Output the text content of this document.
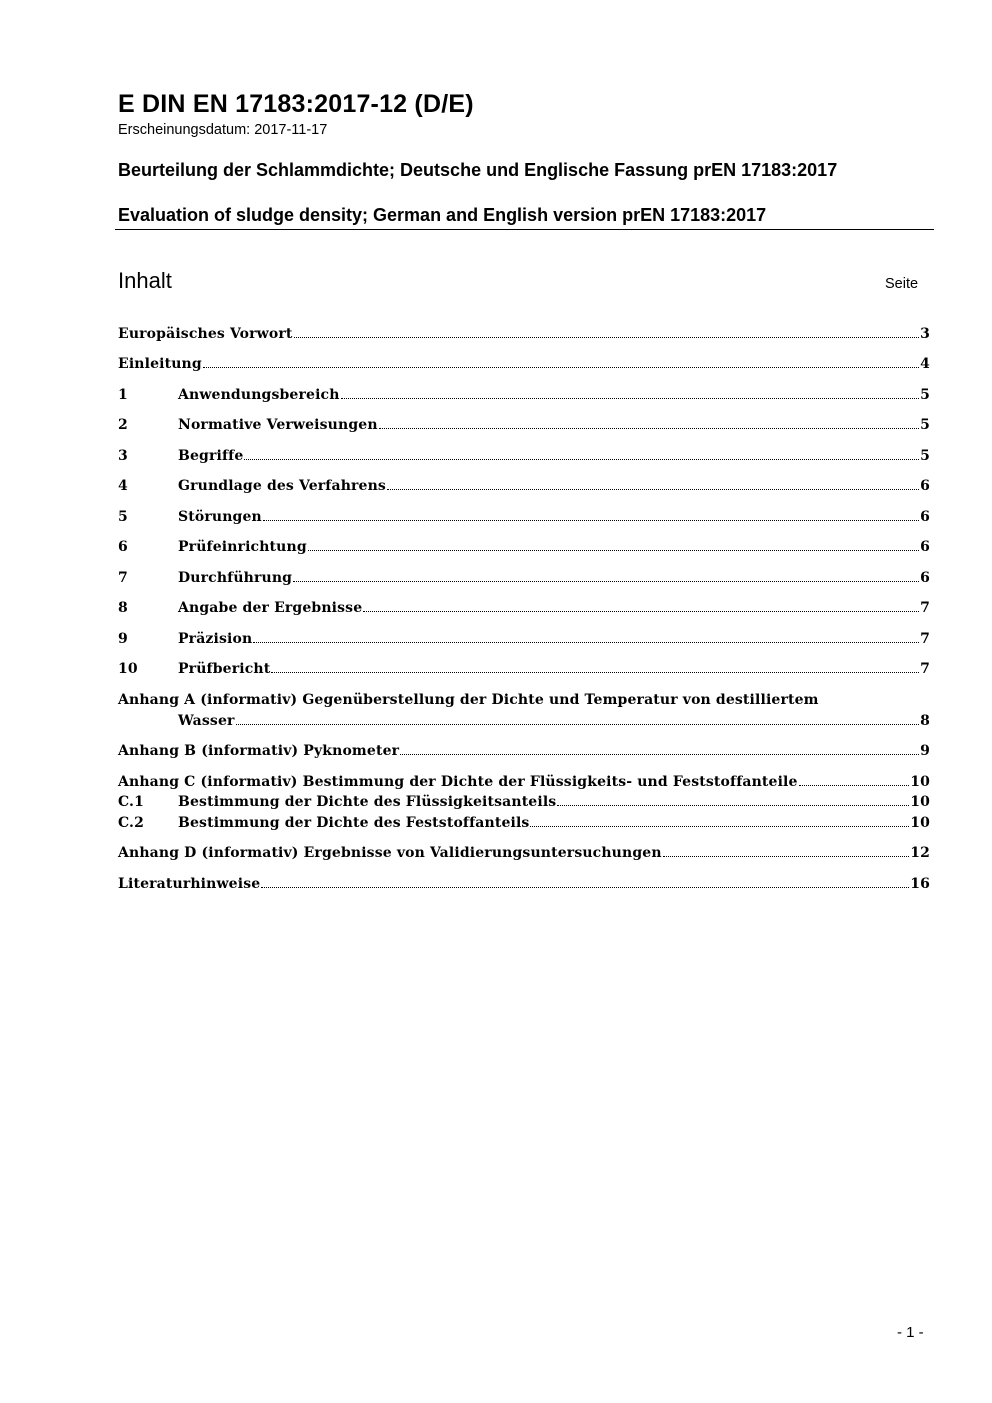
E DIN EN 17183:2017-12 (D/E)
Erscheinungsdatum: 2017-11-17
Beurteilung der Schlammdichte; Deutsche und Englische Fassung prEN 17183:2017
Evaluation of sludge density; German and English version prEN 17183:2017
Inhalt	Seite
Europäisches Vorwort	3
Einleitung	4
1	Anwendungsbereich	5
2	Normative Verweisungen	5
3	Begriffe	5
4	Grundlage des Verfahrens	6
5	Störungen	6
6	Prüfeinrichtung	6
7	Durchführung	6
8	Angabe der Ergebnisse	7
9	Präzision	7
10	Prüfbericht	7
Anhang A (informativ) Gegenüberstellung der Dichte und Temperatur von destilliertem
Wasser	8
Anhang B (informativ) Pyknometer	9
Anhang C (informativ) Bestimmung der Dichte der Flüssigkeits- und Feststoffanteile	10
C.1	Bestimmung der Dichte des Flüssigkeitsanteils	10
C.2	Bestimmung der Dichte des Feststoffanteils	10
Anhang D (informativ) Ergebnisse von Validierungsuntersuchungen	12
Literaturhinweise	16
- 1 -
